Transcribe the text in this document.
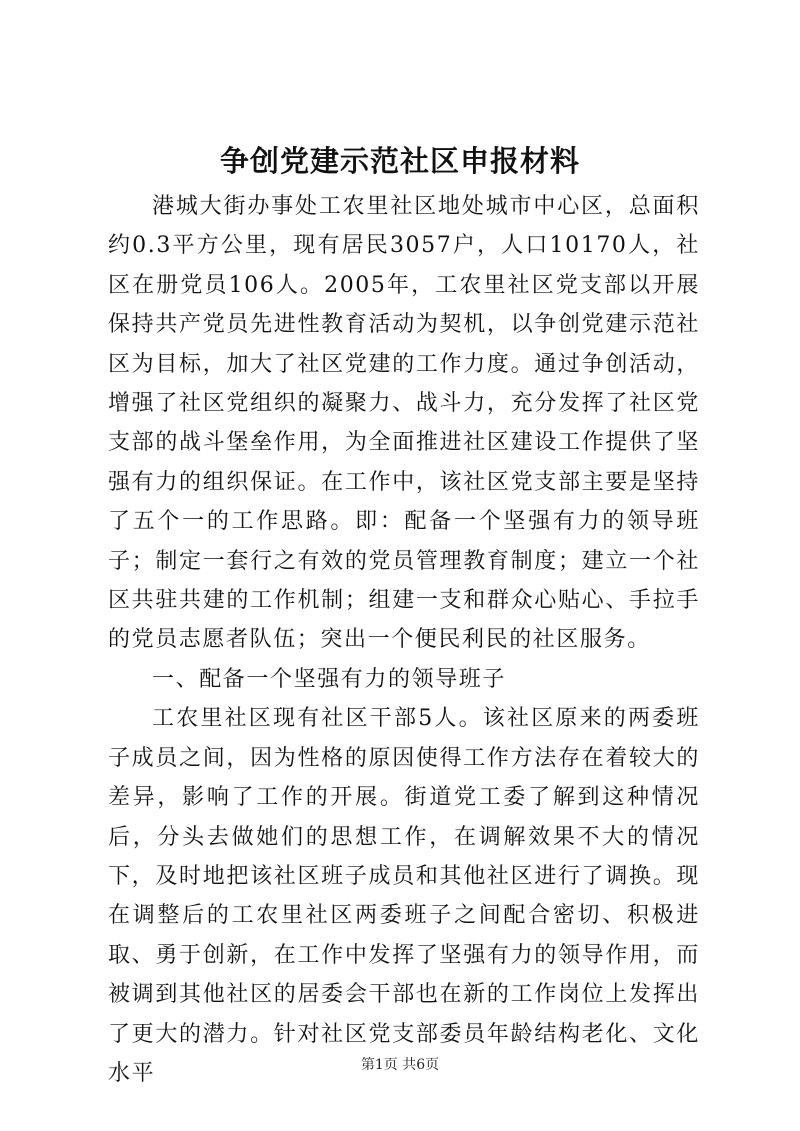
争创党建示范社区申报材料

港城大街办事处工农里社区地处城市中心区，总面积约0.3平方公里，现有居民3057户，人口10170人，社区在册党员106人。2005年，工农里社区党支部以开展保持共产党员先进性教育活动为契机，以争创党建示范社区为目标，加大了社区党建的工作力度。通过争创活动，增强了社区党组织的凝聚力、战斗力，充分发挥了社区党支部的战斗堡垒作用，为全面推进社区建设工作提供了坚强有力的组织保证。在工作中，该社区党支部主要是坚持了五个一的工作思路。即：配备一个坚强有力的领导班子；制定一套行之有效的党员管理教育制度；建立一个社区共驻共建的工作机制；组建一支和群众心贴心、手拉手的党员志愿者队伍；突出一个便民利民的社区服务。

一、配备一个坚强有力的领导班子

工农里社区现有社区干部5人。该社区原来的两委班子成员之间，因为性格的原因使得工作方法存在着较大的差异，影响了工作的开展。街道党工委了解到这种情况后，分头去做她们的思想工作，在调解效果不大的情况下，及时地把该社区班子成员和其他社区进行了调换。现在调整后的工农里社区两委班子之间配合密切、积极进取、勇于创新，在工作中发挥了坚强有力的领导作用，而被调到其他社区的居委会干部也在新的工作岗位上发挥出了更大的潜力。针对社区党支部委员年龄结构老化、文化水平	第1页 共6页
